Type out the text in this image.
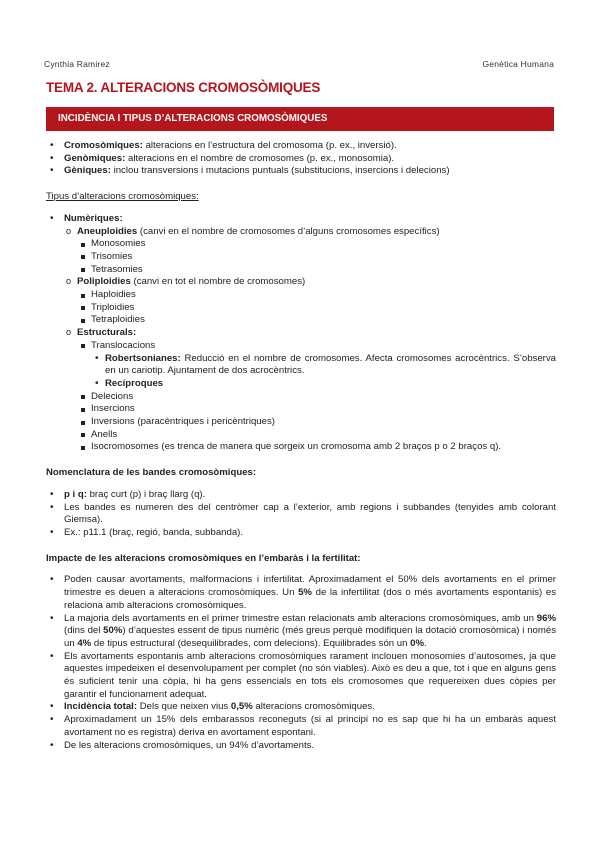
Cynthia Ramirez	Genètica Humana
TEMA 2. ALTERACIONS CROMOSÒMIQUES
INCIDÈNCIA I TIPUS D’ALTERACIONS CROMOSÒMIQUES
• Cromosòmiques: alteracions en l’estructura del cromosoma (p. ex., inversió).
• Genòmiques: alteracions en el nombre de cromosomes (p. ex., monosomia).
• Gèniques: inclou transversions i mutacions puntuals (substitucions, insercions i delecions)
Tipus d’alteracions cromosòmiques:
• Numèriques:
o Aneuploidies (canvi en el nombre de cromosomes d’alguns cromosomes específics)
Monosomies
Trisomies
Tetrasomies
o Poliploidies (canvi en tot el nombre de cromosomes)
Haploidies
Triploidies
Tetraploidies
o Estructurals:
Translocacions
• Robertsonianes: Reducció en el nombre de cromosomes. Afecta cromosomes acrocèntrics. S’observa en un cariotip. Ajuntament de dos acrocèntrics.
• Recíproques
Delecions
Insercions
Inversions (paracèntriques i pericèntriques)
Anells
Isocromosomes (es trenca de manera que sorgeix un cromosoma amb 2 braços p o 2 braços q).
Nomenclatura de les bandes cromosòmiques:
• p i q: braç curt (p) i braç llarg (q).
• Les bandes es numeren des del centròmer cap a l’exterior, amb regions i subbandes (tenyides amb colorant Giemsa).
• Ex.: p11.1 (braç, regió, banda, subbanda).
Impacte de les alteracions cromosòmiques en l’embaràs i la fertilitat:
• Poden causar avortaments, malformacions i infertilitat. Aproximadament el 50% dels avortaments en el primer trimestre es deuen a alteracions cromosòmiques. Un 5% de la infertilitat (dos o més avortaments espontanis) es relaciona amb alteracions cromosòmiques.
• La majoria dels avortaments en el primer trimestre estan relacionats amb alteracions cromosòmiques, amb un 96% (dins del 50%) d’aquestes essent de tipus numèric (més greus perquè modifiquen la dotació cromosòmica) i només un 4% de tipus estructural (desequilibrades, com delecions). Equilibrades són un 0%.
• Els avortaments espontanis amb alteracions cromosòmiques rarament inclouen monosomies d’autosomes, ja que aquestes impedeixen el desenvolupament per complet (no són viables). Això es deu a que, tot i que en alguns gens és suficient tenir una còpia, hi ha gens essencials en tots els cromosomes que requereixen dues còpies per garantir el funcionament adequat.
• Incidència total: Dels que neixen vius 0,5% alteracions cromosòmiques.
• Aproximadament un 15% dels embarassos reconeguts (si al principi no es sap que hi ha un embaràs aquest avortament no es registra) deriva en avortament espontani.
• De les alteracions cromosòmiques, un 94% d’avortaments.
